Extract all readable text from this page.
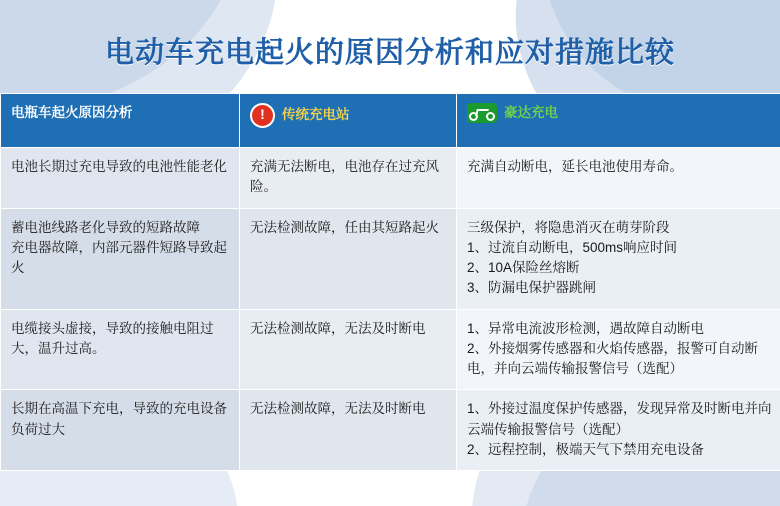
电动车充电起火的原因分析和应对措施比较
电瓶车起火原因分析	! 传统充电站	豪达充电

电池长期过充电导致的电池性能老化	充满无法断电，电池存在过充风险。	充满自动断电，延长电池使用寿命。

蓄电池线路老化导致的短路故障
充电器故障，内部元器件短路导致起火	无法检测故障，任由其短路起火	三级保护，将隐患消灭在萌芽阶段
1、过流自动断电，500ms响应时间
2、10A保险丝熔断
3、防漏电保护器跳闸

电缆接头虚接，导致的接触电阻过大，温升过高。	无法检测故障，无法及时断电	1、异常电流波形检测，遇故障自动断电
2、外接烟雾传感器和火焰传感器，报警可自动断电，并向云端传输报警信号（选配）

长期在高温下充电，导致的充电设备负荷过大	无法检测故障，无法及时断电	1、外接过温度保护传感器，发现异常及时断电并向云端传输报警信号（选配）
2、远程控制，极端天气下禁用充电设备
